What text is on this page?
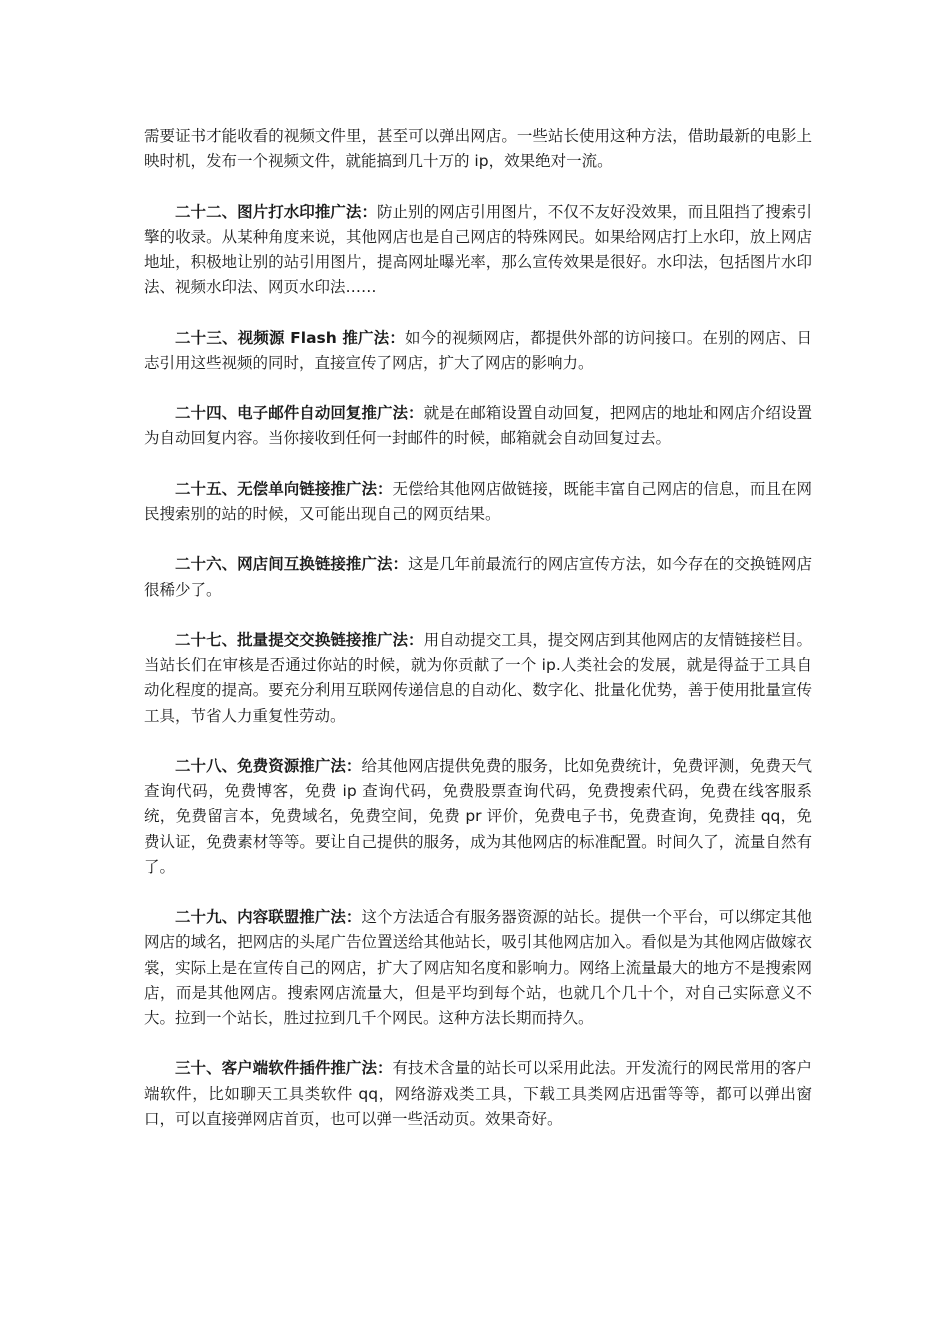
需要证书才能收看的视频文件里，甚至可以弹出网店。一些站长使用这种方法，借助最新的电影上映时机，发布一个视频文件，就能搞到几十万的 ip，效果绝对一流。

二十二、图片打水印推广法：防止别的网店引用图片，不仅不友好没效果，而且阻挡了搜索引擎的收录。从某种角度来说，其他网店也是自己网店的特殊网民。如果给网店打上水印，放上网店地址，积极地让别的站引用图片，提高网址曝光率，那么宣传效果是很好。水印法，包括图片水印法、视频水印法、网页水印法……

二十三、视频源 Flash 推广法：如今的视频网店，都提供外部的访问接口。在别的网店、日志引用这些视频的同时，直接宣传了网店，扩大了网店的影响力。

二十四、电子邮件自动回复推广法：就是在邮箱设置自动回复，把网店的地址和网店介绍设置为自动回复内容。当你接收到任何一封邮件的时候，邮箱就会自动回复过去。

二十五、无偿单向链接推广法：无偿给其他网店做链接，既能丰富自己网店的信息，而且在网民搜索别的站的时候，又可能出现自己的网页结果。

二十六、网店间互换链接推广法：这是几年前最流行的网店宣传方法，如今存在的交换链网店很稀少了。

二十七、批量提交交换链接推广法：用自动提交工具，提交网店到其他网店的友情链接栏目。当站长们在审核是否通过你站的时候，就为你贡献了一个 ip.人类社会的发展，就是得益于工具自动化程度的提高。要充分利用互联网传递信息的自动化、数字化、批量化优势，善于使用批量宣传工具，节省人力重复性劳动。

二十八、免费资源推广法：给其他网店提供免费的服务，比如免费统计，免费评测，免费天气查询代码，免费博客，免费 ip 查询代码，免费股票查询代码，免费搜索代码，免费在线客服系统，免费留言本，免费域名，免费空间，免费 pr 评价，免费电子书，免费查询，免费挂 qq，免费认证，免费素材等等。要让自己提供的服务，成为其他网店的标准配置。时间久了，流量自然有了。

二十九、内容联盟推广法：这个方法适合有服务器资源的站长。提供一个平台，可以绑定其他网店的域名，把网店的头尾广告位置送给其他站长，吸引其他网店加入。看似是为其他网店做嫁衣裳，实际上是在宣传自己的网店，扩大了网店知名度和影响力。网络上流量最大的地方不是搜索网店，而是其他网店。搜索网店流量大，但是平均到每个站，也就几个几十个，对自己实际意义不大。拉到一个站长，胜过拉到几千个网民。这种方法长期而持久。

三十、客户端软件插件推广法：有技术含量的站长可以采用此法。开发流行的网民常用的客户端软件，比如聊天工具类软件 qq，网络游戏类工具，下载工具类网店迅雷等等，都可以弹出窗口，可以直接弹网店首页，也可以弹一些活动页。效果奇好。
